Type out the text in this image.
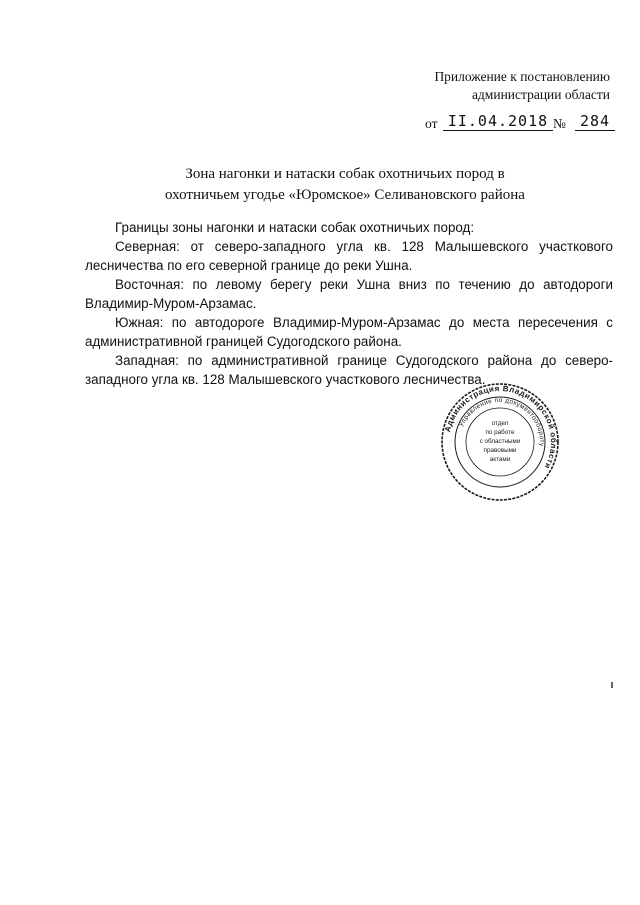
Приложение к постановлению
администрации области
от II.04.2018 № 284
Зона нагонки и натаски собак охотничьих пород в
охотничьем угодье «Юромское» Селивановского района

Границы зоны нагонки и натаски собак охотничьих пород:

Северная: от северо-западного угла кв. 128 Малышевского участкового лесничества по его северной границе до реки Ушна.

Восточная: по левому берегу реки Ушна вниз по течению до автодороги Владимир-Муром-Арзамас.

Южная: по автодороге Владимир-Муром-Арзамас до места пересечения с административной границей Судогодского района.

Западная: по административной границе Судогодского района до северо-западного угла кв. 128 Малышевского участкового лесничества.

Администрация Владимирской области
Управление по документообороту
отдел
по работе
с областными
правовыми
актами
